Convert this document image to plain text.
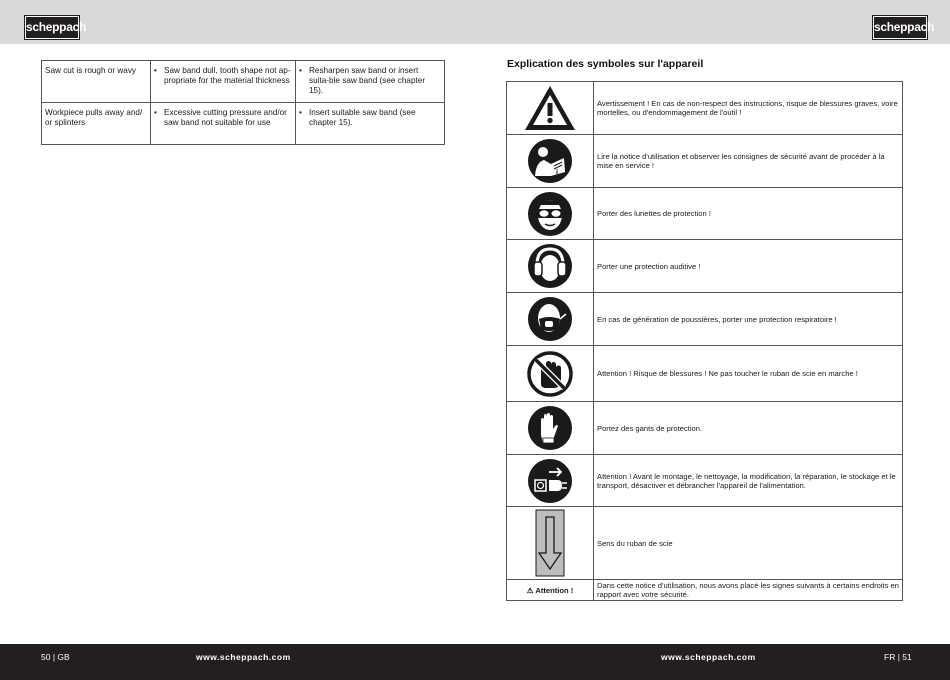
scheppach	scheppach
Saw cut is rough or wavy	• Saw band dull, tooth shape not ap-propriate for the material thickness	• Resharpen saw band or insert suita-ble saw band (see chapter 15).

Workpiece pulls away and/ or splinters	• Excessive cutting pressure and/or saw band not suitable for use	• Insert suitable saw band (see chapter 15).
Explication des symboles sur l'appareil
	Avertissement ! En cas de non-respect des instructions, risque de blessures graves, voire mortelles, ou d'endommagement de l'outil !

i	Lire la notice d'utilisation et observer les consignes de sécurité avant de procéder à la mise en service !

	Porter des lunettes de protection !

	Porter une protection auditive !

	En cas de génération de poussières, porter une protection respiratoire !

	Attention ! Risque de blessures ! Ne pas toucher le ruban de scie en marche !

	Portez des gants de protection.

	Attention ! Avant le montage, le nettoyage, la modification, la réparation, le stockage et le transport, désactiver et débrancher l'appareil de l'alimentation.

	Sens du ruban de scie
⚠ Attention !	Dans cette notice d'utilisation, nous avons placé les signes suivants à certains endroits en rapport avec votre sécurité.
50 | GB	www.scheppach.com	www.scheppach.com	FR | 51
